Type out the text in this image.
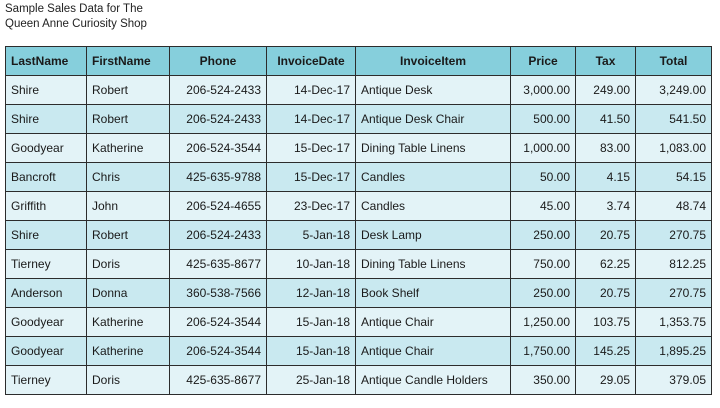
Sample Sales Data for The
Queen Anne Curiosity Shop
LastName	FirstName	Phone	InvoiceDate	InvoiceItem	Price	Tax	Total
Shire	Robert	206-524-2433	14-Dec-17	Antique Desk	3,000.00	249.00	3,249.00
Shire	Robert	206-524-2433	14-Dec-17	Antique Desk Chair	500.00	41.50	541.50
Goodyear	Katherine	206-524-3544	15-Dec-17	Dining Table Linens	1,000.00	83.00	1,083.00
Bancroft	Chris	425-635-9788	15-Dec-17	Candles	50.00	4.15	54.15
Griffith	John	206-524-4655	23-Dec-17	Candles	45.00	3.74	48.74
Shire	Robert	206-524-2433	5-Jan-18	Desk Lamp	250.00	20.75	270.75
Tierney	Doris	425-635-8677	10-Jan-18	Dining Table Linens	750.00	62.25	812.25
Anderson	Donna	360-538-7566	12-Jan-18	Book Shelf	250.00	20.75	270.75
Goodyear	Katherine	206-524-3544	15-Jan-18	Antique Chair	1,250.00	103.75	1,353.75
Goodyear	Katherine	206-524-3544	15-Jan-18	Antique Chair	1,750.00	145.25	1,895.25
Tierney	Doris	425-635-8677	25-Jan-18	Antique Candle Holders	350.00	29.05	379.05
